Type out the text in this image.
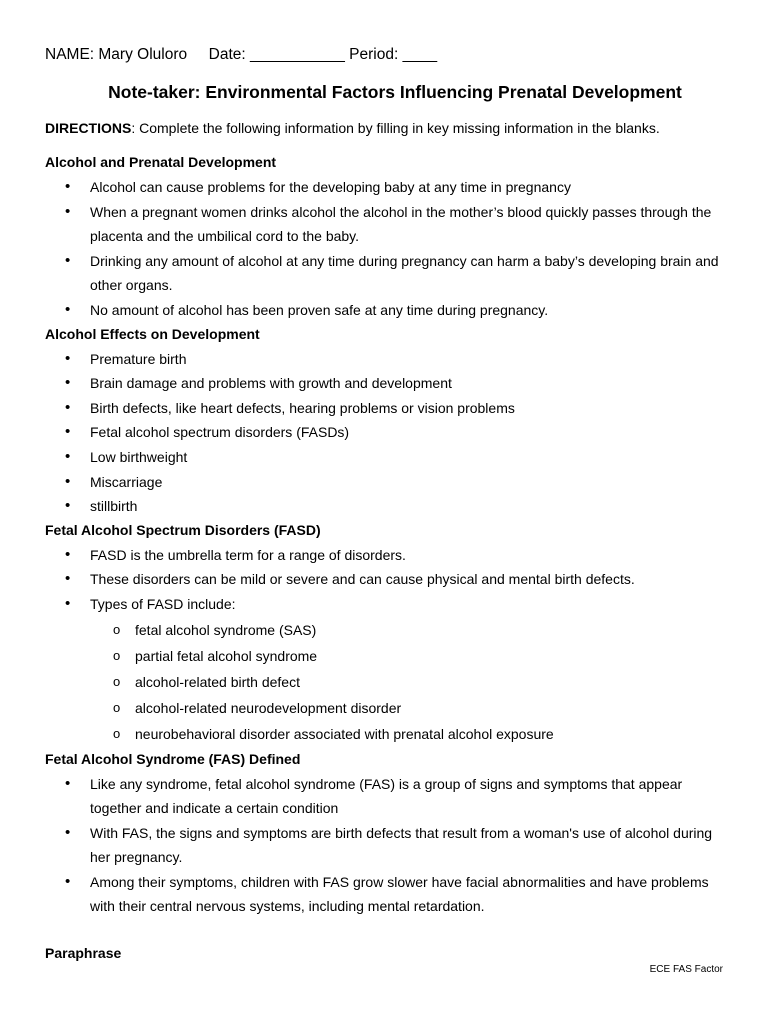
NAME: Mary Oluloro Date: ___________ Period: ____
Note-taker: Environmental Factors Influencing Prenatal Development
DIRECTIONS: Complete the following information by filling in key missing information in the blanks.
Alcohol and Prenatal Development
• Alcohol can cause problems for the developing baby at any time in pregnancy
• When a pregnant women drinks alcohol the alcohol in the mother’s blood quickly passes through the placenta and the umbilical cord to the baby.
• Drinking any amount of alcohol at any time during pregnancy can harm a baby’s developing brain and other organs.
• No amount of alcohol has been proven safe at any time during pregnancy.
Alcohol Effects on Development
• Premature birth
• Brain damage and problems with growth and development
• Birth defects, like heart defects, hearing problems or vision problems
• Fetal alcohol spectrum disorders (FASDs)
• Low birthweight
• Miscarriage
• stillbirth
Fetal Alcohol Spectrum Disorders (FASD)
• FASD is the umbrella term for a range of disorders.
• These disorders can be mild or severe and can cause physical and mental birth defects.
• Types of FASD include:
o fetal alcohol syndrome (SAS)
o partial fetal alcohol syndrome
o alcohol-related birth defect
o alcohol-related neurodevelopment disorder
o neurobehavioral disorder associated with prenatal alcohol exposure
Fetal Alcohol Syndrome (FAS) Defined
• Like any syndrome, fetal alcohol syndrome (FAS) is a group of signs and symptoms that appear together and indicate a certain condition
• With FAS, the signs and symptoms are birth defects that result from a woman's use of alcohol during her pregnancy.
• Among their symptoms, children with FAS grow slower have facial abnormalities and have problems with their central nervous systems, including mental retardation.
Paraphrase
ECE FAS Factor
